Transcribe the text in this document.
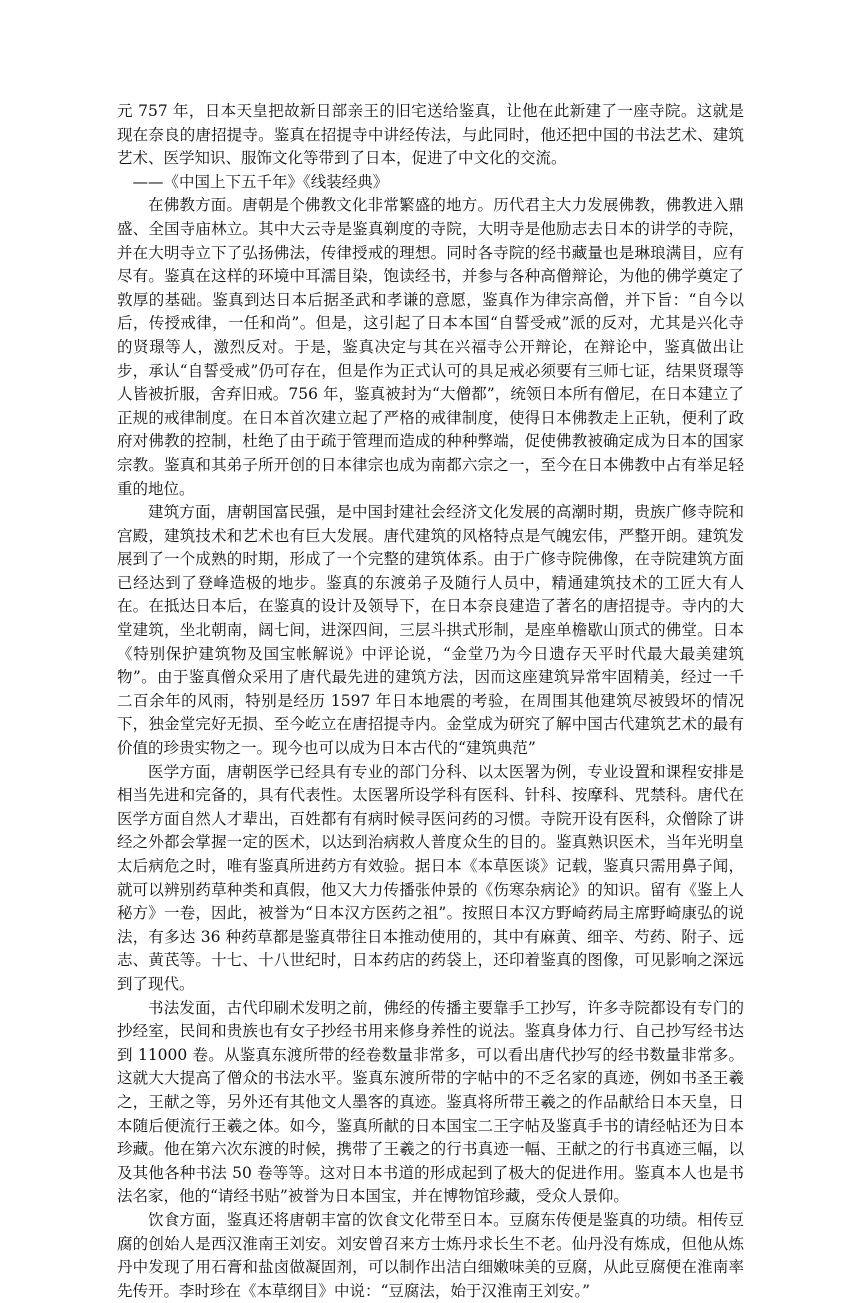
元 757 年，日本天皇把故新日部亲王的旧宅送给鉴真，让他在此新建了一座寺院。这就是现在奈良的唐招提寺。鉴真在招提寺中讲经传法，与此同时，他还把中国的书法艺术、建筑艺术、医学知识、服饰文化等带到了日本，促进了中文化的交流。

——《中国上下五千年》《线装经典》

在佛教方面。唐朝是个佛教文化非常繁盛的地方。历代君主大力发展佛教，佛教进入鼎盛、全国寺庙林立。其中大云寺是鉴真剃度的寺院，大明寺是他励志去日本的讲学的寺院，并在大明寺立下了弘扬佛法，传律授戒的理想。同时各寺院的经书藏量也是琳琅满目，应有尽有。鉴真在这样的环境中耳濡目染，饱读经书，并参与各种高僧辩论，为他的佛学奠定了敦厚的基础。鉴真到达日本后据圣武和孝谦的意愿，鉴真作为律宗高僧，并下旨：“自今以后，传授戒律，一任和尚”。但是，这引起了日本本国“自誓受戒”派的反对，尤其是兴化寺的贤璟等人，激烈反对。于是，鉴真决定与其在兴福寺公开辩论，在辩论中，鉴真做出让步，承认“自誓受戒”仍可存在，但是作为正式认可的具足戒必须要有三师七证，结果贤璟等人皆被折服，舍弃旧戒。756 年，鉴真被封为“大僧都”，统领日本所有僧尼，在日本建立了正规的戒律制度。在日本首次建立起了严格的戒律制度，使得日本佛教走上正轨，便利了政府对佛教的控制，杜绝了由于疏于管理而造成的种种弊端，促使佛教被确定成为日本的国家宗教。鉴真和其弟子所开创的日本律宗也成为南都六宗之一，至今在日本佛教中占有举足轻重的地位。

建筑方面，唐朝国富民强，是中国封建社会经济文化发展的高潮时期，贵族广修寺院和宫殿，建筑技术和艺术也有巨大发展。唐代建筑的风格特点是气魄宏伟，严整开朗。建筑发展到了一个成熟的时期，形成了一个完整的建筑体系。由于广修寺院佛像，在寺院建筑方面已经达到了登峰造极的地步。鉴真的东渡弟子及随行人员中，精通建筑技术的工匠大有人在。在抵达日本后，在鉴真的设计及领导下，在日本奈良建造了著名的唐招提寺。寺内的大堂建筑，坐北朝南，阔七间，进深四间，三层斗拱式形制，是座单檐歇山顶式的佛堂。日本《特别保护建筑物及国宝帐解说》中评论说，“金堂乃为今日遗存天平时代最大最美建筑物”。由于鉴真僧众采用了唐代最先进的建筑方法，因而这座建筑异常牢固精美，经过一千二百余年的风雨，特别是经历 1597 年日本地震的考验，在周围其他建筑尽被毁坏的情况下，独金堂完好无损、至今屹立在唐招提寺内。金堂成为研究了解中国古代建筑艺术的最有价值的珍贵实物之一。现今也可以成为日本古代的“建筑典范”

医学方面，唐朝医学已经具有专业的部门分科、以太医署为例，专业设置和课程安排是相当先进和完备的，具有代表性。太医署所设学科有医科、针科、按摩科、咒禁科。唐代在医学方面自然人才辈出，百姓都有有病时候寻医问药的习惯。寺院开设有医科，众僧除了讲经之外都会掌握一定的医术，以达到治病救人普度众生的目的。鉴真熟识医术，当年光明皇太后病危之时，唯有鉴真所进药方有效验。据日本《本草医谈》记载，鉴真只需用鼻子闻，就可以辨别药草种类和真假，他又大力传播张仲景的《伤寒杂病论》的知识。留有《鉴上人秘方》一卷，因此，被誉为“日本汉方医药之祖”。按照日本汉方野崎药局主席野崎康弘的说法，有多达 36 种药草都是鉴真带往日本推动使用的，其中有麻黄、细辛、芍药、附子、远志、黄芪等。十七、十八世纪时，日本药店的药袋上，还印着鉴真的图像，可见影响之深远到了现代。

书法发面，古代印刷术发明之前，佛经的传播主要靠手工抄写，许多寺院都设有专门的抄经室，民间和贵族也有女子抄经书用来修身养性的说法。鉴真身体力行、自己抄写经书达到 11000 卷。从鉴真东渡所带的经卷数量非常多，可以看出唐代抄写的经书数量非常多。这就大大提高了僧众的书法水平。鉴真东渡所带的字帖中的不乏名家的真迹，例如书圣王羲之，王献之等，另外还有其他文人墨客的真迹。鉴真将所带王羲之的作品献给日本天皇，日本随后便流行王羲之体。如今，鉴真所献的日本国宝二王字帖及鉴真手书的请经帖还为日本珍藏。他在第六次东渡的时候，携带了王羲之的行书真迹一幅、王献之的行书真迹三幅，以及其他各种书法 50 卷等等。这对日本书道的形成起到了极大的促进作用。鉴真本人也是书法名家，他的“请经书贴”被誉为日本国宝，并在博物馆珍藏，受众人景仰。

饮食方面，鉴真还将唐朝丰富的饮食文化带至日本。豆腐东传便是鉴真的功绩。相传豆腐的创始人是西汉淮南王刘安。刘安曾召来方士炼丹求长生不老。仙丹没有炼成，但他从炼丹中发现了用石膏和盐卤做凝固剂，可以制作出洁白细嫩味美的豆腐，从此豆腐便在淮南率先传开。李时珍在《本草纲目》中说：“豆腐法，始于汉淮南王刘安。”
